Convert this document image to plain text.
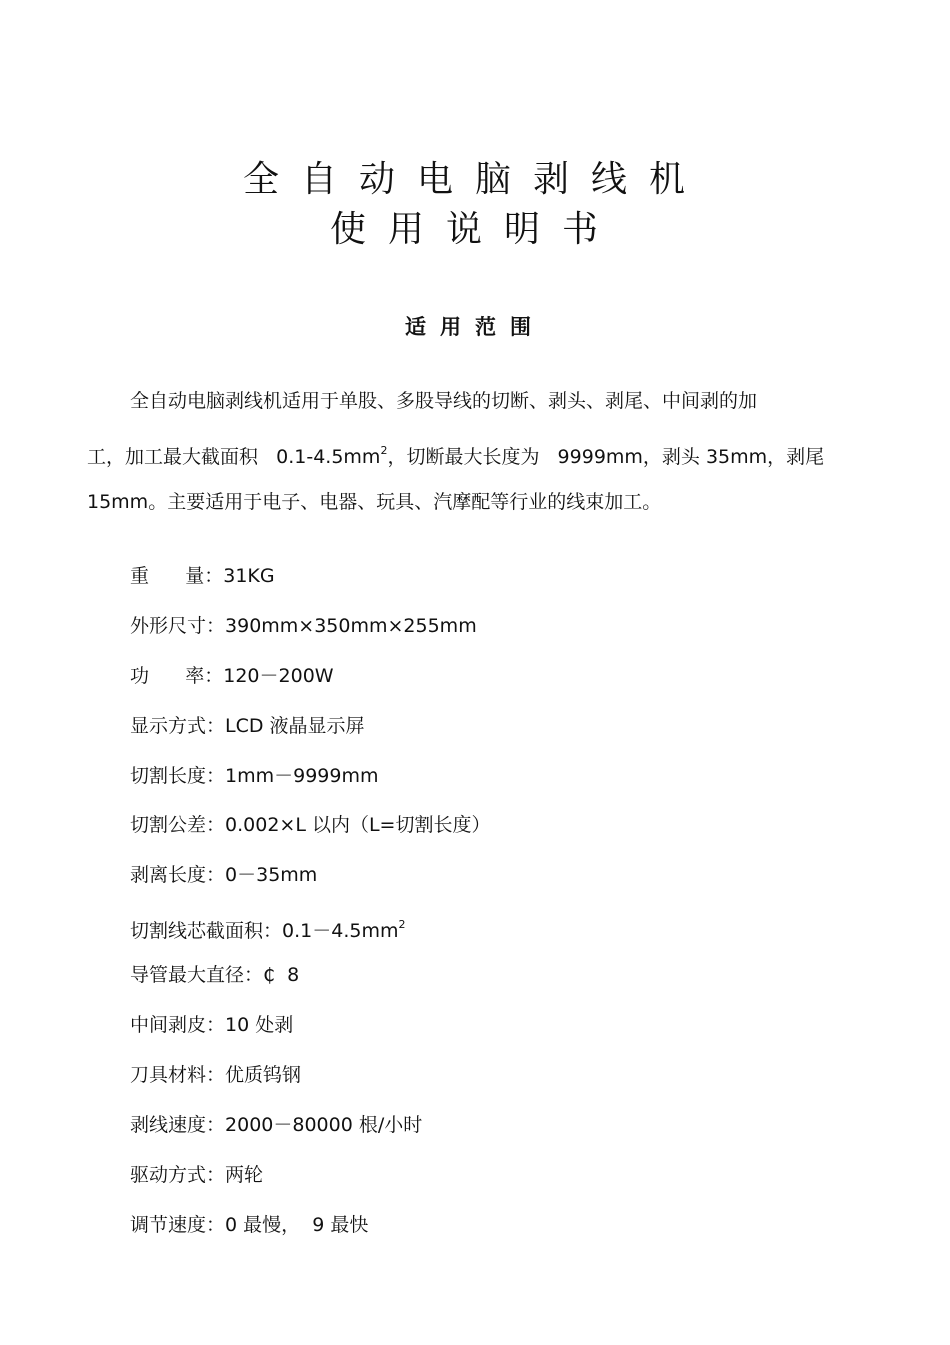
全自动电脑剥线机
使用说明书
适用范围
全自动电脑剥线机适用于单股、多股导线的切断、剥头、剥尾、中间剥的加
工，加工最大截面积   $0.1-4.5mm^2$，切断最大长度为   9999mm，剥头 35mm，剥尾
15mm。主要适用于电子、电器、玩具、汽摩配等行业的线束加工。
重      量：31KG
外形尺寸：390mm×350mm×255mm
功      率：120－200W
显示方式：LCD 液晶显示屏
切割长度：1mm－9999mm
切割公差：0.002×L 以内（L=切割长度）
剥离长度：0－35mm
切割线芯截面积：$0.1-4.5mm^2$
导管最大直径：₵  8
中间剥皮：10 处剥
刀具材料：优质钨钢
剥线速度：2000－80000 根/小时
驱动方式：两轮
调节速度：0 最慢，  9 最快
